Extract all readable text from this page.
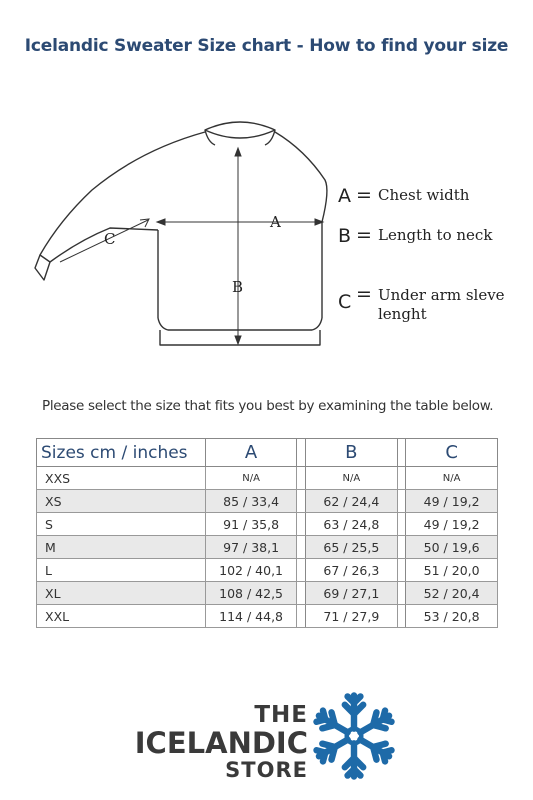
Icelandic Sweater Size chart - How to find your size
A
B
C
A = Chest width
B = Length to neck
C = Under arm sleve
lenght
Please select the size that fits you best by examining the table below.
Sizes cm / inches	A		B		C
XXS	N/A		N/A		N/A
XS	85 / 33,4		62 / 24,4		49 / 19,2
S	91 / 35,8		63 / 24,8		49 / 19,2
M	97 / 38,1		65 / 25,5		50 / 19,6
L	102 / 40,1		67 / 26,3		51 / 20,0
XL	108 / 42,5		69 / 27,1		52 / 20,4
XXL	114 / 44,8		71 / 27,9		53 / 20,8
THE
ICELANDIC
STORE
